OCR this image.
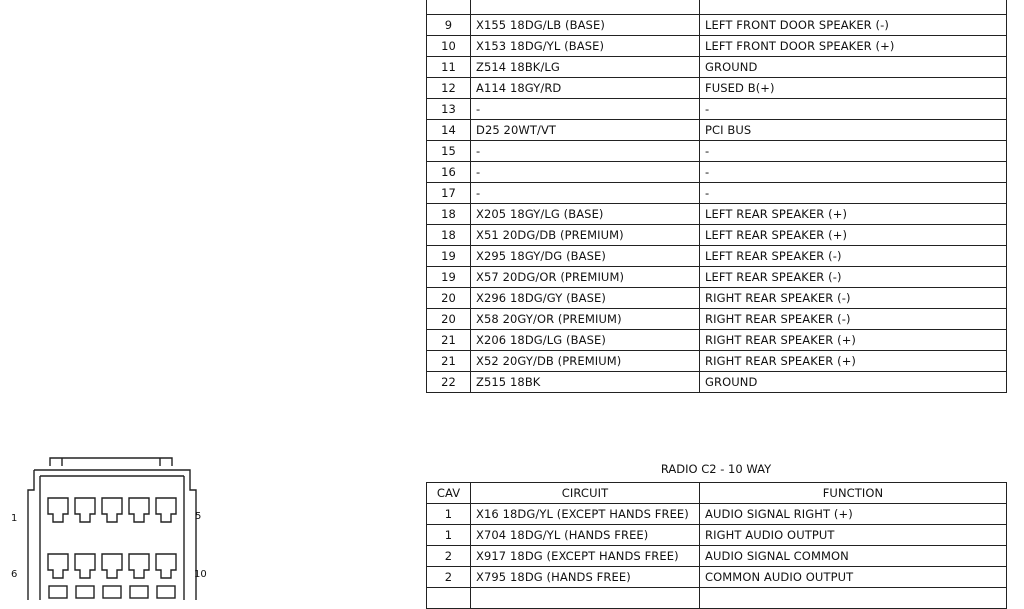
9	X155 18DG/LB (BASE)	LEFT FRONT DOOR SPEAKER (-)
10	X153 18DG/YL (BASE)	LEFT FRONT DOOR SPEAKER (+)
11	Z514 18BK/LG	GROUND
12	A114 18GY/RD	FUSED B(+)
13	-	-
14	D25 20WT/VT	PCI BUS
15	-	-
16	-	-
17	-	-
18	X205 18GY/LG (BASE)	LEFT REAR SPEAKER (+)
18	X51 20DG/DB (PREMIUM)	LEFT REAR SPEAKER (+)
19	X295 18GY/DG (BASE)	LEFT REAR SPEAKER (-)
19	X57 20DG/OR (PREMIUM)	LEFT REAR SPEAKER (-)
20	X296 18DG/GY (BASE)	RIGHT REAR SPEAKER (-)
20	X58 20GY/OR (PREMIUM)	RIGHT REAR SPEAKER (-)
21	X206 18DG/LG (BASE)	RIGHT REAR SPEAKER (+)
21	X52 20GY/DB (PREMIUM)	RIGHT REAR SPEAKER (+)
22	Z515 18BK	GROUND
RADIO C2 - 10 WAY
CAV	CIRCUIT	FUNCTION
1	X16 18DG/YL (EXCEPT HANDS FREE)	AUDIO SIGNAL RIGHT (+)
1	X704 18DG/YL (HANDS FREE)	RIGHT AUDIO OUTPUT
2	X917 18DG (EXCEPT HANDS FREE)	AUDIO SIGNAL COMMON
2	X795 18DG (HANDS FREE)	COMMON AUDIO OUTPUT

1	5
6	10
